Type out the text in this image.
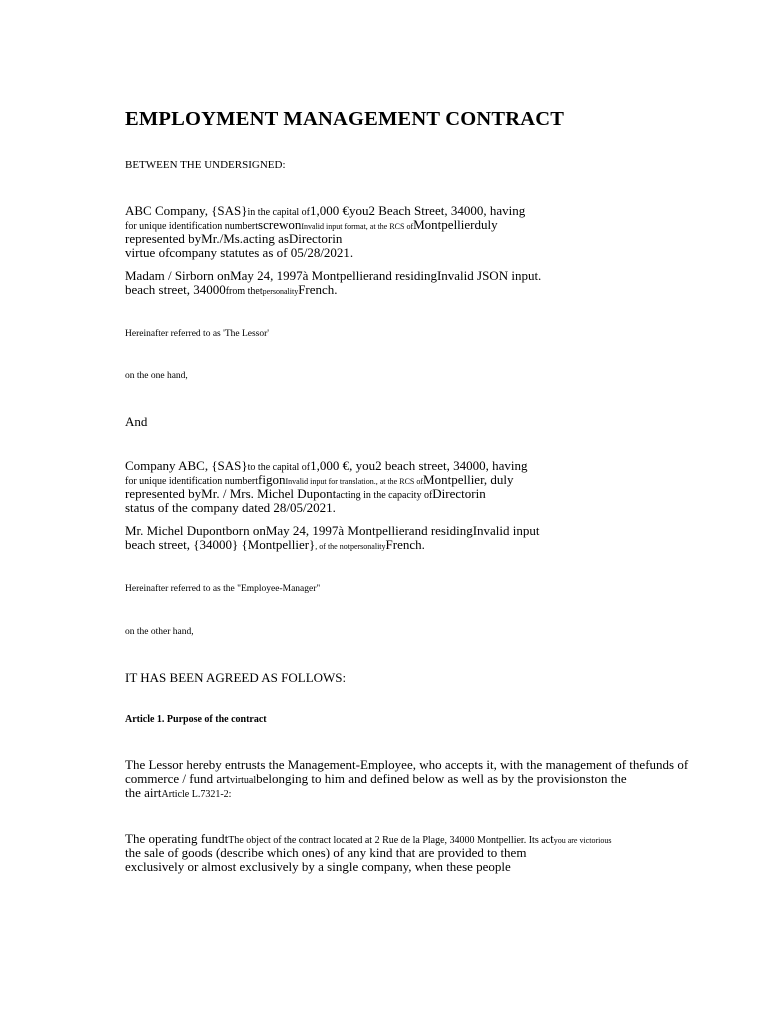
EMPLOYMENT MANAGEMENT CONTRACT

BETWEEN THE UNDERSIGNED:

ABC Company, {SAS}in the capital of1,000 €you2 Beach Street, 34000, having
for unique identification numbertscrewonInvalid input format, at the RCS ofMontpellierduly
represented byMr./Ms.acting asDirectorin
virtue ofcompany statutes as of 05/28/2021.
Madam / Sirborn onMay 24, 1997à Montpellierand residingInvalid JSON input.
beach street, 34000from thetpersonalityFrench.

Hereinafter referred to as 'The Lessor'

on the one hand,

And

Company ABC, {SAS}to the capital of1,000 €, you2 beach street, 34000, having
for unique identification numbertfigonInvalid input for translation., at the RCS ofMontpellier, duly
represented byMr. / Mrs. Michel Dupontacting in the capacity ofDirectorin
status of the company dated 28/05/2021.
Mr. Michel Dupontborn onMay 24, 1997à Montpellierand residingInvalid input
beach street, {34000} {Montpellier}, of the notpersonalityFrench.

Hereinafter referred to as the "Employee-Manager"

on the other hand,

IT HAS BEEN AGREED AS FOLLOWS:

Article 1. Purpose of the contract

The Lessor hereby entrusts the Management-Employee, who accepts it, with the management of thefunds of
commerce / fund artvirtualbelonging to him and defined below as well as by the provisionston the
the airtArticle L.7321-2:
The operating fundtThe object of the contract located at 2 Rue de la Plage, 34000 Montpellier. Its actyou are victorious
the sale of goods (describe which ones) of any kind that are provided to them
exclusively or almost exclusively by a single company, when these people
